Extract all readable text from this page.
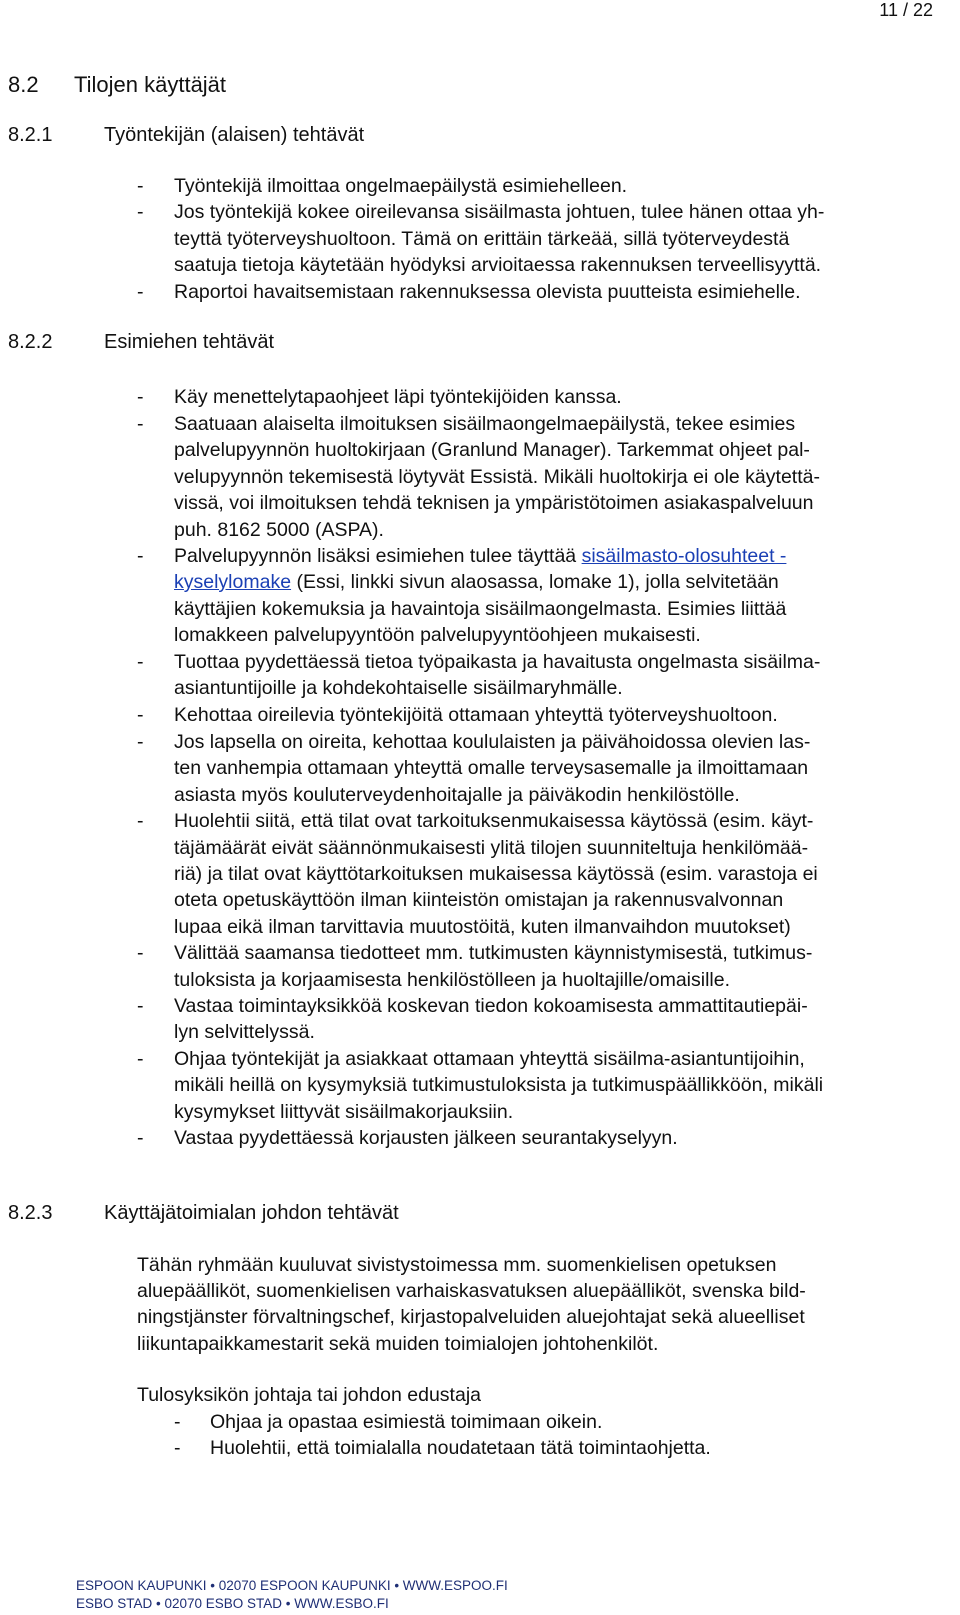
11 / 22
8.2 Tilojen käyttäjät
8.2.1	Työntekijän (alaisen) tehtävät
- Työntekijä ilmoittaa ongelmaepäilystä esimiehelleen.
- Jos työntekijä kokee oireilevansa sisäilmasta johtuen, tulee hänen ottaa yh-
teyttä työterveyshuoltoon. Tämä on erittäin tärkeää, sillä työterveydestä
saatuja tietoja käytetään hyödyksi arvioitaessa rakennuksen terveellisyyttä.
- Raportoi havaitsemistaan rakennuksessa olevista puutteista esimiehelle.
8.2.2	Esimiehen tehtävät
- Käy menettelytapaohjeet läpi työntekijöiden kanssa.
- Saatuaan alaiselta ilmoituksen sisäilmaongelmaepäilystä, tekee esimies
palvelupyynnön huoltokirjaan (Granlund Manager). Tarkemmat ohjeet pal-
velupyynnön tekemisestä löytyvät Essistä. Mikäli huoltokirja ei ole käytettä-
vissä, voi ilmoituksen tehdä teknisen ja ympäristötoimen asiakaspalveluun
puh. 8162 5000 (ASPA).
- Palvelupyynnön lisäksi esimiehen tulee täyttää sisäilmasto-olosuhteet -
kyselylomake (Essi, linkki sivun alaosassa, lomake 1), jolla selvitetään
käyttäjien kokemuksia ja havaintoja sisäilmaongelmasta. Esimies liittää
lomakkeen palvelupyyntöön palvelupyyntöohjeen mukaisesti.
- Tuottaa pyydettäessä tietoa työpaikasta ja havaitusta ongelmasta sisäilma-
asiantuntijoille ja kohdekohtaiselle sisäilmaryhmälle.
- Kehottaa oireilevia työntekijöitä ottamaan yhteyttä työterveyshuoltoon.
- Jos lapsella on oireita, kehottaa koululaisten ja päivähoidossa olevien las-
ten vanhempia ottamaan yhteyttä omalle terveysasemalle ja ilmoittamaan
asiasta myös kouluterveydenhoitajalle ja päiväkodin henkilöstölle.
- Huolehtii siitä, että tilat ovat tarkoituksenmukaisessa käytössä (esim. käyt-
täjämäärät eivät säännönmukaisesti ylitä tilojen suunniteltuja henkilömää-
riä) ja tilat ovat käyttötarkoituksen mukaisessa käytössä (esim. varastoja ei
oteta opetuskäyttöön ilman kiinteistön omistajan ja rakennusvalvonnan
lupaa eikä ilman tarvittavia muutostöitä, kuten ilmanvaihdon muutokset)
- Välittää saamansa tiedotteet mm. tutkimusten käynnistymisestä, tutkimus-
tuloksista ja korjaamisesta henkilöstölleen ja huoltajille/omaisille.
- Vastaa toimintayksikköä koskevan tiedon kokoamisesta ammattitautiepäi-
lyn selvittelyssä.
- Ohjaa työntekijät ja asiakkaat ottamaan yhteyttä sisäilma-asiantuntijoihin,
mikäli heillä on kysymyksiä tutkimustuloksista ja tutkimuspäällikköön, mikäli
kysymykset liittyvät sisäilmakorjauksiin.
- Vastaa pyydettäessä korjausten jälkeen seurantakyselyyn.
8.2.3	Käyttäjätoimialan johdon tehtävät
Tähän ryhmään kuuluvat sivistystoimessa mm. suomenkielisen opetuksen
aluepäälliköt, suomenkielisen varhaiskasvatuksen aluepäälliköt, svenska bild-
ningstjänster förvaltningschef, kirjastopalveluiden aluejohtajat sekä alueelliset
liikuntapaikkamestarit sekä muiden toimialojen johtohenkilöt.
Tulosyksikön johtaja tai johdon edustaja
- Ohjaa ja opastaa esimiestä toimimaan oikein.
- Huolehtii, että toimialalla noudatetaan tätä toimintaohjetta.
ESPOON KAUPUNKI • 02070 ESPOON KAUPUNKI • WWW.ESPOO.FI
ESBO STAD • 02070 ESBO STAD • WWW.ESBO.FI
